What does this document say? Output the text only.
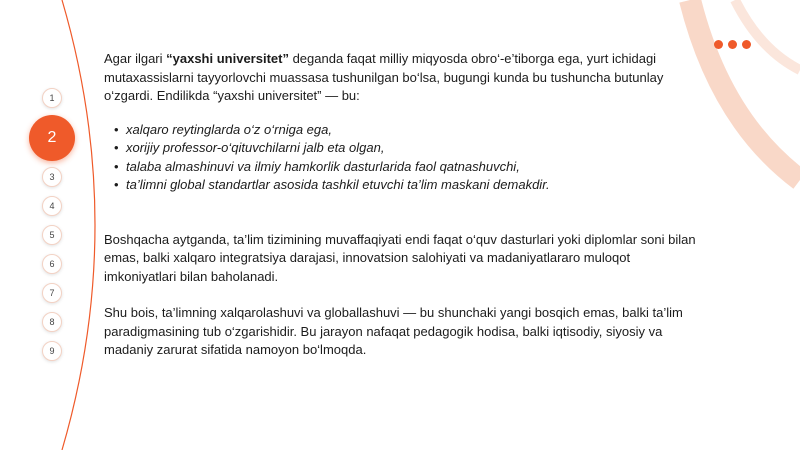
1
2
3
4
5
6
7
8
9

Agar ilgari “yaxshi universitet” deganda faqat milliy miqyosda obro‘-e’tiborga ega, yurt ichidagi mutaxassislarni tayyorlovchi muassasa tushunilgan bo‘lsa, bugungi kunda bu tushuncha butunlay o‘zgardi. Endilikda “yaxshi universitet” — bu:

• xalqaro reytinglarda o‘z o‘rniga ega,
• xorijiy professor-o‘qituvchilarni jalb eta olgan,
• talaba almashinuvi va ilmiy hamkorlik dasturlarida faol qatnashuvchi,
• ta’limni global standartlar asosida tashkil etuvchi ta’lim maskani demakdir.

Boshqacha aytganda, ta’lim tizimining muvaffaqiyati endi faqat o‘quv dasturlari yoki diplomlar soni bilan emas, balki xalqaro integratsiya darajasi, innovatsion salohiyati va madaniyatlararo muloqot imkoniyatlari bilan baholanadi.

Shu bois, ta’limning xalqarolashuvi va globallashuvi — bu shunchaki yangi bosqich emas, balki ta’lim paradigmasining tub o‘zgarishidir. Bu jarayon nafaqat pedagogik hodisa, balki iqtisodiy, siyosiy va madaniy zarurat sifatida namoyon bo‘lmoqda.
